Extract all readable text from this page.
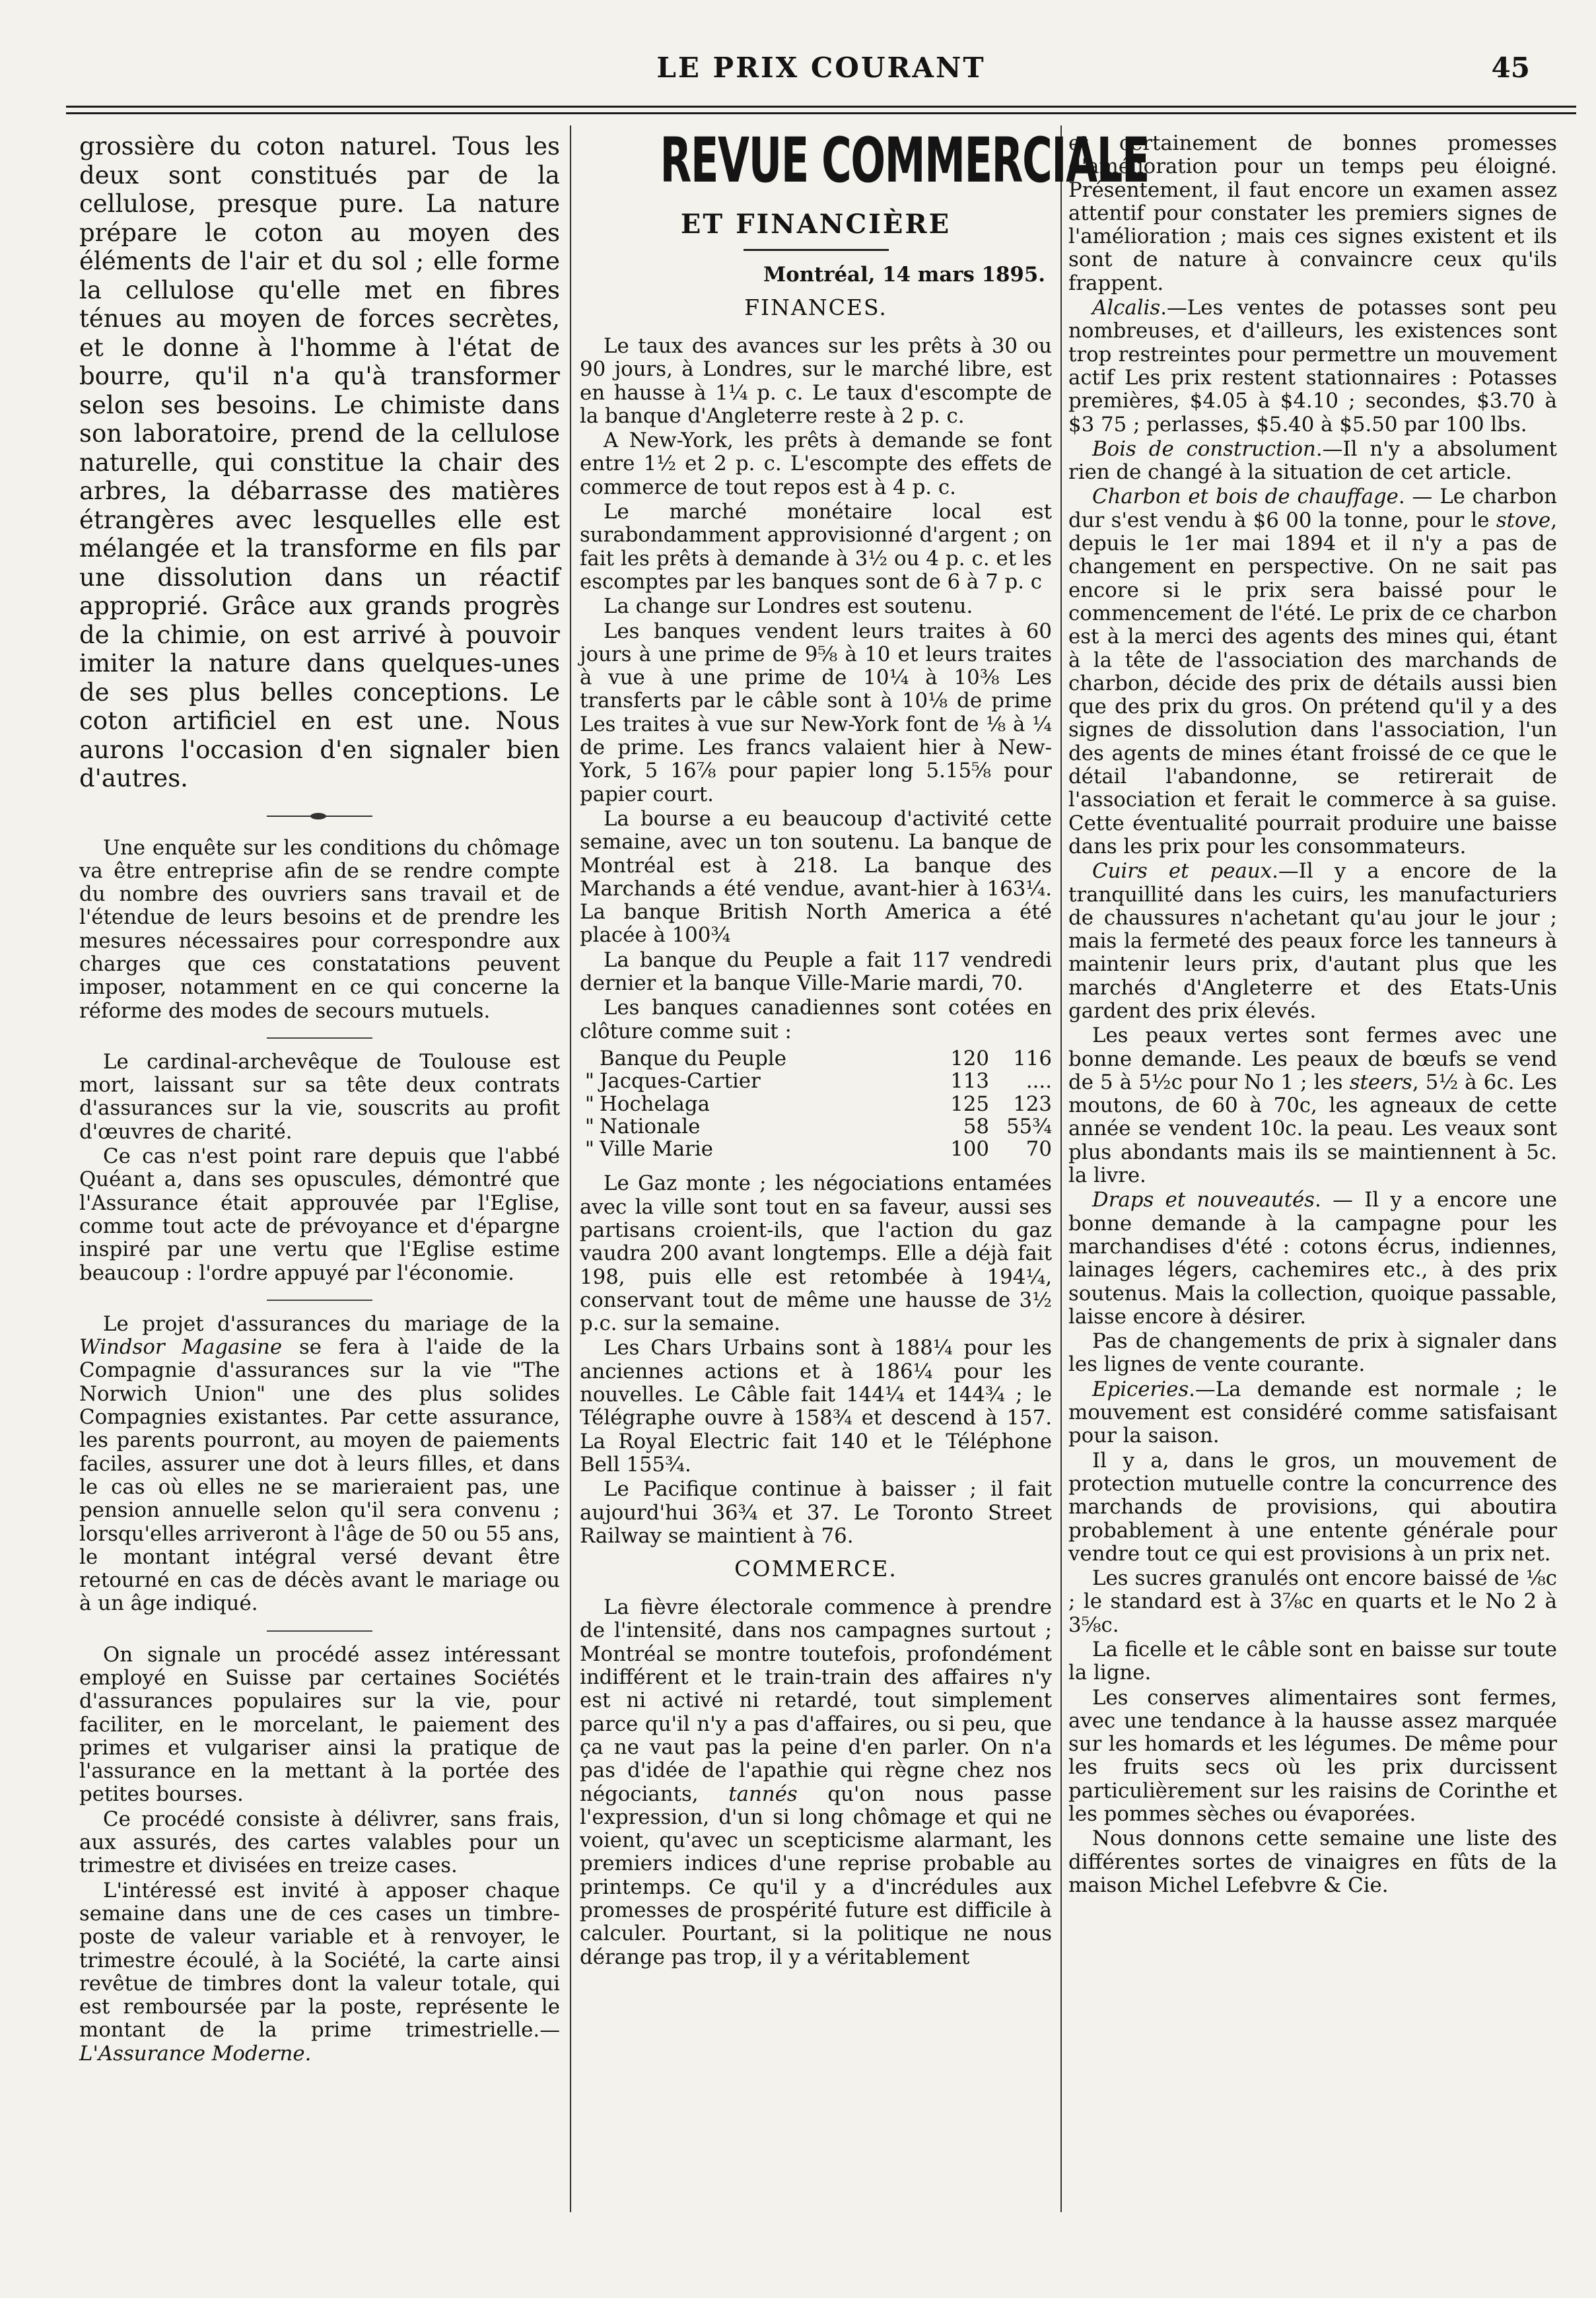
LE PRIX COURANT	45

grossière du coton naturel. Tous les deux sont constitués par de la cellulose, presque pure. La nature prépare le coton au moyen des éléments de l'air et du sol ; elle forme la cellulose qu'elle met en fibres ténues au moyen de forces secrètes, et le donne à l'homme à l'état de bourre, qu'il n'a qu'à transformer selon ses besoins. Le chimiste dans son laboratoire, prend de la cellulose naturelle, qui constitue la chair des arbres, la débarrasse des matières étrangères avec lesquelles elle est mélangée et la transforme en fils par une dissolution dans un réactif approprié. Grâce aux grands progrès de la chimie, on est arrivé à pouvoir imiter la nature dans quelques-unes de ses plus belles conceptions. Le coton artificiel en est une. Nous aurons l'occasion d'en signaler bien d'autres.

Une enquête sur les conditions du chômage va être entreprise afin de se rendre compte du nombre des ouvriers sans travail et de l'étendue de leurs besoins et de prendre les mesures nécessaires pour correspondre aux charges que ces constatations peuvent imposer, notamment en ce qui concerne la réforme des modes de secours mutuels.

Le cardinal-archevêque de Toulouse est mort, laissant sur sa tête deux contrats d'assurances sur la vie, souscrits au profit d'œuvres de charité.

Ce cas n'est point rare depuis que l'abbé Quéant a, dans ses opuscules, démontré que l'Assurance était approuvée par l'Eglise, comme tout acte de prévoyance et d'épargne inspiré par une vertu que l'Eglise estime beaucoup : l'ordre appuyé par l'économie.

Le projet d'assurances du mariage de la Windsor Magasine se fera à l'aide de la Compagnie d'assurances sur la vie "The Norwich Union" une des plus solides Compagnies existantes. Par cette assurance, les parents pourront, au moyen de paiements faciles, assurer une dot à leurs filles, et dans le cas où elles ne se marieraient pas, une pension annuelle selon qu'il sera convenu ; lorsqu'elles arriveront à l'âge de 50 ou 55 ans, le montant intégral versé devant être retourné en cas de décès avant le mariage ou à un âge indiqué.

On signale un procédé assez intéressant employé en Suisse par certaines Sociétés d'assurances populaires sur la vie, pour faciliter, en le morcelant, le paiement des primes et vulgariser ainsi la pratique de l'assurance en la mettant à la portée des petites bourses.

Ce procédé consiste à délivrer, sans frais, aux assurés, des cartes valables pour un trimestre et divisées en treize cases.

L'intéressé est invité à apposer chaque semaine dans une de ces cases un timbre-poste de valeur variable et à renvoyer, le trimestre écoulé, à la Société, la carte ainsi revêtue de timbres dont la valeur totale, qui est remboursée par la poste, représente le montant de la prime trimestrielle.—L'Assurance Moderne.

REVUE COMMERCIALE
ET FINANCIÈRE
Montréal, 14 mars 1895.
FINANCES.

Le taux des avances sur les prêts à 30 ou 90 jours, à Londres, sur le marché libre, est en hausse à 1¼ p. c. Le taux d'escompte de la banque d'Angleterre reste à 2 p. c.

A New-York, les prêts à demande se font entre 1½ et 2 p. c. L'escompte des effets de commerce de tout repos est à 4 p. c.

Le marché monétaire local est surabondamment approvisionné d'argent ; on fait les prêts à demande à 3½ ou 4 p. c. et les escomptes par les banques sont de 6 à 7 p. c

La change sur Londres est soutenu.

Les banques vendent leurs traites à 60 jours à une prime de 9⅝ à 10 et leurs traites à vue à une prime de 10¼ à 10⅜ Les transferts par le câble sont à 10⅛ de prime Les traites à vue sur New-York font de ⅛ à ¼ de prime. Les francs valaient hier à New-York, 5 16⅞ pour papier long 5.15⅝ pour papier court.

La bourse a eu beaucoup d'activité cette semaine, avec un ton soutenu. La banque de Montréal est à 218. La banque des Marchands a été vendue, avant-hier à 163¼. La banque British North America a été placée à 100¾

La banque du Peuple a fait 117 vendredi dernier et la banque Ville-Marie mardi, 70.

Les banques canadiennes sont cotées en clôture comme suit :

	Banque du Peuple	120	116
"	Jacques-Cartier	113	....
"	Hochelaga	125	123
"	Nationale	58	55¾
"	Ville Marie	100	70

Le Gaz monte ; les négociations entamées avec la ville sont tout en sa faveur, aussi ses partisans croient-ils, que l'action du gaz vaudra 200 avant longtemps. Elle a déjà fait 198, puis elle est retombée à 194¼, conservant tout de même une hausse de 3½ p.c. sur la semaine.

Les Chars Urbains sont à 188¼ pour les anciennes actions et à 186¼ pour les nouvelles. Le Câble fait 144¼ et 144¾ ; le Télégraphe ouvre à 158¾ et descend à 157. La Royal Electric fait 140 et le Téléphone Bell 155¾.

Le Pacifique continue à baisser ; il fait aujourd'hui 36¾ et 37. Le Toronto Street Railway se maintient à 76.

COMMERCE.

La fièvre électorale commence à prendre de l'intensité, dans nos campagnes surtout ; Montréal se montre toutefois, profondément indifférent et le train-train des affaires n'y est ni activé ni retardé, tout simplement parce qu'il n'y a pas d'affaires, ou si peu, que ça ne vaut pas la peine d'en parler. On n'a pas d'idée de l'apathie qui règne chez nos négociants, tannés qu'on nous passe l'expression, d'un si long chômage et qui ne voient, qu'avec un scepticisme alarmant, les premiers indices d'une reprise probable au printemps. Ce qu'il y a d'incrédules aux promesses de prospérité future est difficile à calculer. Pourtant, si la politique ne nous dérange pas trop, il y a véritablement

et certainement de bonnes promesses d'amélioration pour un temps peu éloigné. Présentement, il faut encore un examen assez attentif pour constater les premiers signes de l'amélioration ; mais ces signes existent et ils sont de nature à convaincre ceux qu'ils frappent.

Alcalis.—Les ventes de potasses sont peu nombreuses, et d'ailleurs, les existences sont trop restreintes pour permettre un mouvement actif Les prix restent stationnaires : Potasses premières, $4.05 à $4.10 ; secondes, $3.70 à $3 75 ; perlasses, $5.40 à $5.50 par 100 lbs.

Bois de construction.—Il n'y a absolument rien de changé à la situation de cet article.

Charbon et bois de chauffage. — Le charbon dur s'est vendu à $6 00 la tonne, pour le stove, depuis le 1er mai 1894 et il n'y a pas de changement en perspective. On ne sait pas encore si le prix sera baissé pour le commencement de l'été. Le prix de ce charbon est à la merci des agents des mines qui, étant à la tête de l'association des marchands de charbon, décide des prix de détails aussi bien que des prix du gros. On prétend qu'il y a des signes de dissolution dans l'association, l'un des agents de mines étant froissé de ce que le détail l'abandonne, se retirerait de l'association et ferait le commerce à sa guise. Cette éventualité pourrait produire une baisse dans les prix pour les consommateurs.

Cuirs et peaux.—Il y a encore de la tranquillité dans les cuirs, les manufacturiers de chaussures n'achetant qu'au jour le jour ; mais la fermeté des peaux force les tanneurs à maintenir leurs prix, d'autant plus que les marchés d'Angleterre et des Etats-Unis gardent des prix élevés.

Les peaux vertes sont fermes avec une bonne demande. Les peaux de bœufs se vend de 5 à 5½c pour No 1 ; les steers, 5½ à 6c. Les moutons, de 60 à 70c, les agneaux de cette année se vendent 10c. la peau. Les veaux sont plus abondants mais ils se maintiennent à 5c. la livre.

Draps et nouveautés. — Il y a encore une bonne demande à la campagne pour les marchandises d'été : cotons écrus, indiennes, lainages légers, cachemires etc., à des prix soutenus. Mais la collection, quoique passable, laisse encore à désirer.

Pas de changements de prix à signaler dans les lignes de vente courante.

Epiceries.—La demande est normale ; le mouvement est considéré comme satisfaisant pour la saison.

Il y a, dans le gros, un mouvement de protection mutuelle contre la concurrence des marchands de provisions, qui aboutira probablement à une entente générale pour vendre tout ce qui est provisions à un prix net.

Les sucres granulés ont encore baissé de ⅛c ; le standard est à 3⅞c en quarts et le No 2 à 3⅝c.

La ficelle et le câble sont en baisse sur toute la ligne.

Les conserves alimentaires sont fermes, avec une tendance à la hausse assez marquée sur les homards et les légumes. De même pour les fruits secs où les prix durcissent particulièrement sur les raisins de Corinthe et les pommes sèches ou évaporées.

Nous donnons cette semaine une liste des différentes sortes de vinaigres en fûts de la maison Michel Lefebvre & Cie.
